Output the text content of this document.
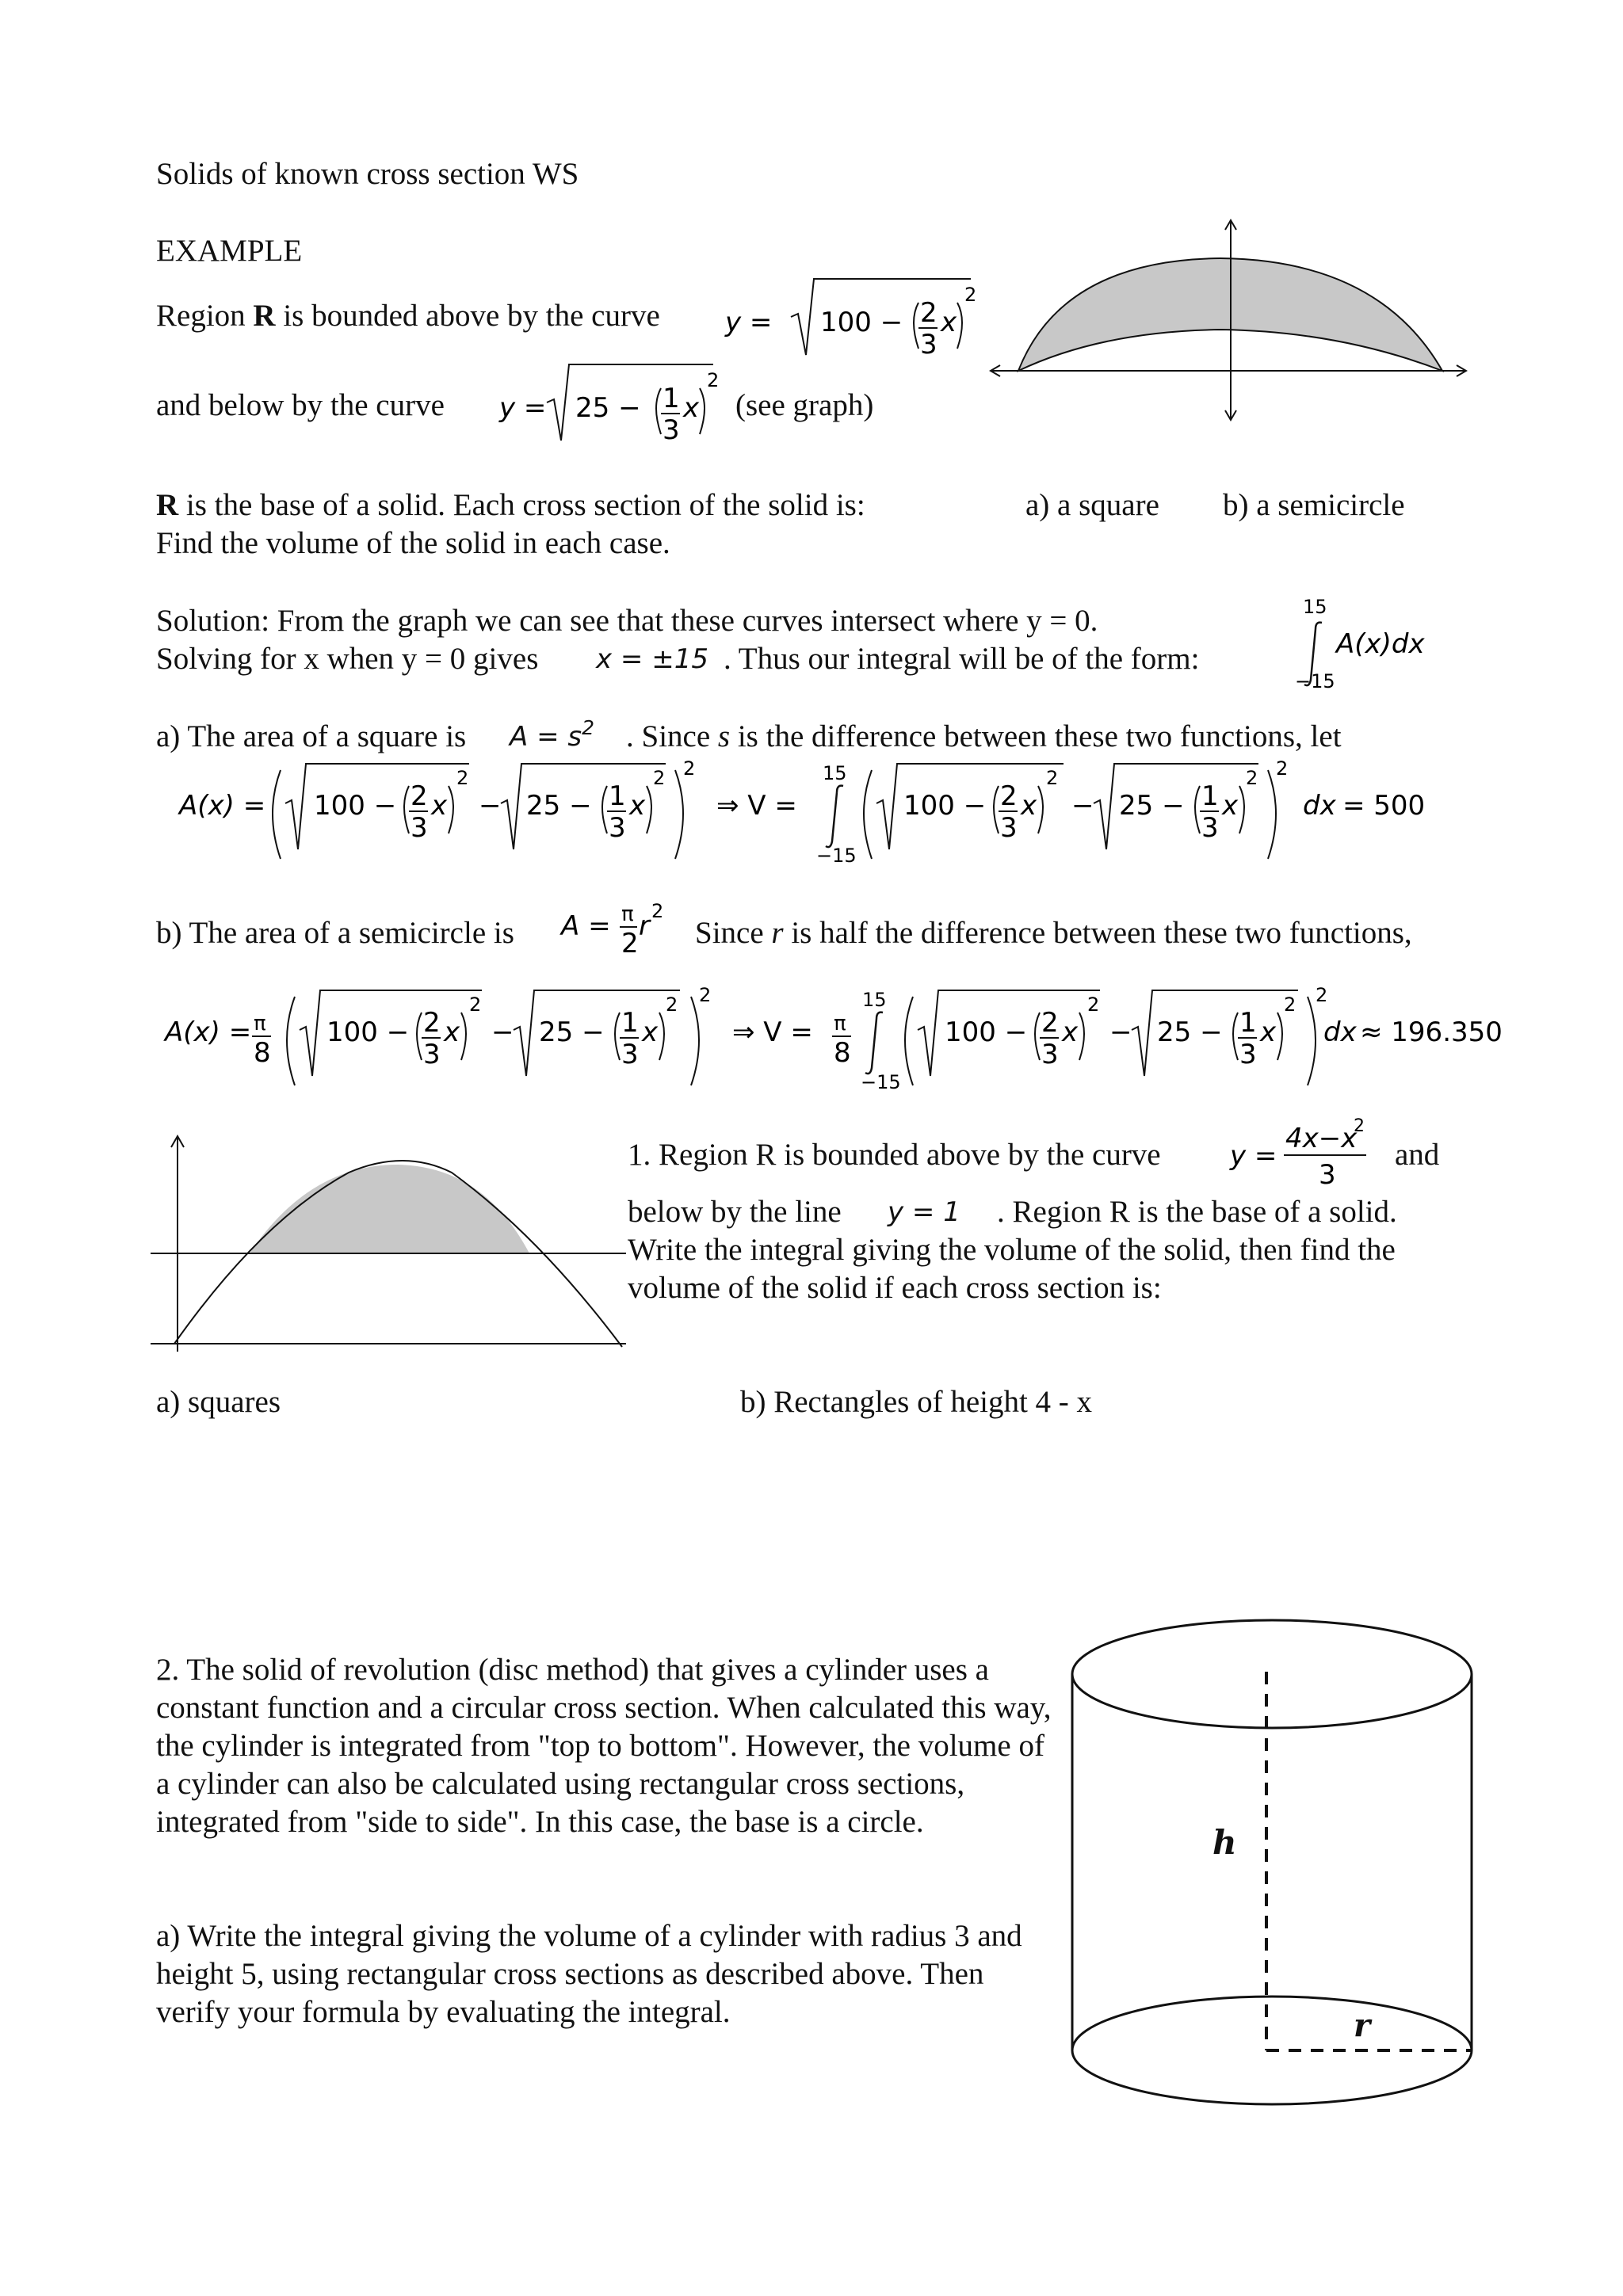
Solids of known cross section WS
EXAMPLE
Region R is bounded above by the curve
and below by the curve	(see graph)
y = 100 − 2
3
x
2
y = 25 − 1
3
x
2
R is the base of a solid. Each cross section of the solid is:	a) a square b) a semicircle
Find the volume of the solid in each case.
Solution: From the graph we can see that these curves intersect where y = 0.
Solving for x when y = 0 gives x = ±15 . Thus our integral will be of the form:
15
−15
A(x)dx
a) The area of a square is $A = s^2$ . Since s is the difference between these two functions, let
A(x) = 100 − 2
3
x
2
− 25 − 1
3
x
2 2
⇒ V =
15
−15
100 − 2
3
x
2
− 25 − 1
3
x
2 2
dx = 500
b) The area of a semicircle is A = π
2
r 2
Since r is half the difference between these two functions,
A(x) = π
8
100 − 2
3
x
2
− 25 − 1
3
x
2 2
⇒ V = π
8
15
−15
100 − 2
3
x
2
− 25 − 1
3
x
2 2
dx ≈ 196.350
1. Region R is bounded above by the curve	y =
4x−x
2
3
and
below by the line y = 1 . Region R is the base of a solid.
Write the integral giving the volume of the solid, then find the
volume of the solid if each cross section is:
a) squares	b) Rectangles of height 4 - x
2. The solid of revolution (disc method) that gives a cylinder uses a constant function and a circular cross section. When calculated this way, the cylinder is integrated from "top to bottom". However, the volume of a cylinder can also be calculated using rectangular cross sections, integrated from "side to side". In this case, the base is a circle.
a) Write the integral giving the volume of a cylinder with radius 3 and height 5, using rectangular cross sections as described above. Then verify your formula by evaluating the integral.
h
r
